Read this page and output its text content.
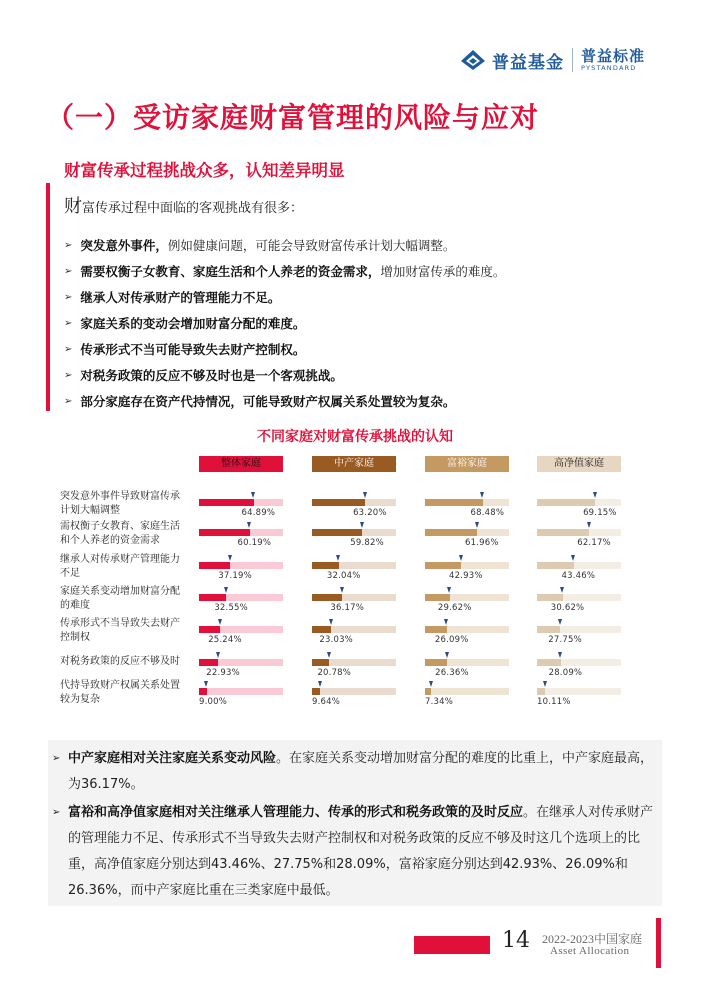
普益基金 普益标准
PYSTANDARD
（一）受访家庭财富管理的风险与应对
财富传承过程挑战众多，认知差异明显
财富传承过程中面临的客观挑战有很多：
➢ 突发意外事件， 例如健康问题，可能会导致财富传承计划大幅调整。
➢ 需要权衡子女教育、家庭生活和个人养老的资金需求， 增加财富传承的难度。
➢ 继承人对传承财产的管理能力不足。
➢ 家庭关系的变动会增加财富分配的难度。
➢ 传承形式不当可能导致失去财产控制权。
➢ 对税务政策的反应不够及时也是一个客观挑战。
➢ 部分家庭存在资产代持情况，可能导致财产权属关系处置较为复杂。
不同家庭对财富传承挑战的认知
整体家庭	中产家庭	富裕家庭	高净值家庭
突发意外事件导致财富传承
计划大幅调整	64.89%	63.20%	68.48%	69.15%
需权衡子女教育、家庭生活
和个人养老的资金需求	60.19%	59.82%	61.96%	62.17%
继承人对传承财产管理能力
不足	37.19%	32.04%	42.93%	43.46%
家庭关系变动增加财富分配
的难度	32.55%	36.17%	29.62%	30.62%
传承形式不当导致失去财产
控制权	25.24%	23.03%	26.09%	27.75%
对税务政策的反应不够及时
22.93%	20.78%	26.36%	28.09%
代持导致财产权属关系处置
较为复杂	9.00%	9.64%	7.34%	10.11%
➢ 中产家庭相对关注家庭关系变动风险。在家庭关系变动增加财富分配的难度的比重上，中产家庭最高，为36.17%。
➢ 富裕和高净值家庭相对关注继承人管理能力、传承的形式和税务政策的及时反应。在继承人对传承财产的管理能力不足、传承形式不当导致失去财产控制权和对税务政策的反应不够及时这几个选项上的比重，高净值家庭分别达到43.46%、27.75%和28.09%，富裕家庭分别达到42.93%、26.09%和26.36%，而中产家庭比重在三类家庭中最低。
14 2022-2023中国家庭
Asset Allocation
